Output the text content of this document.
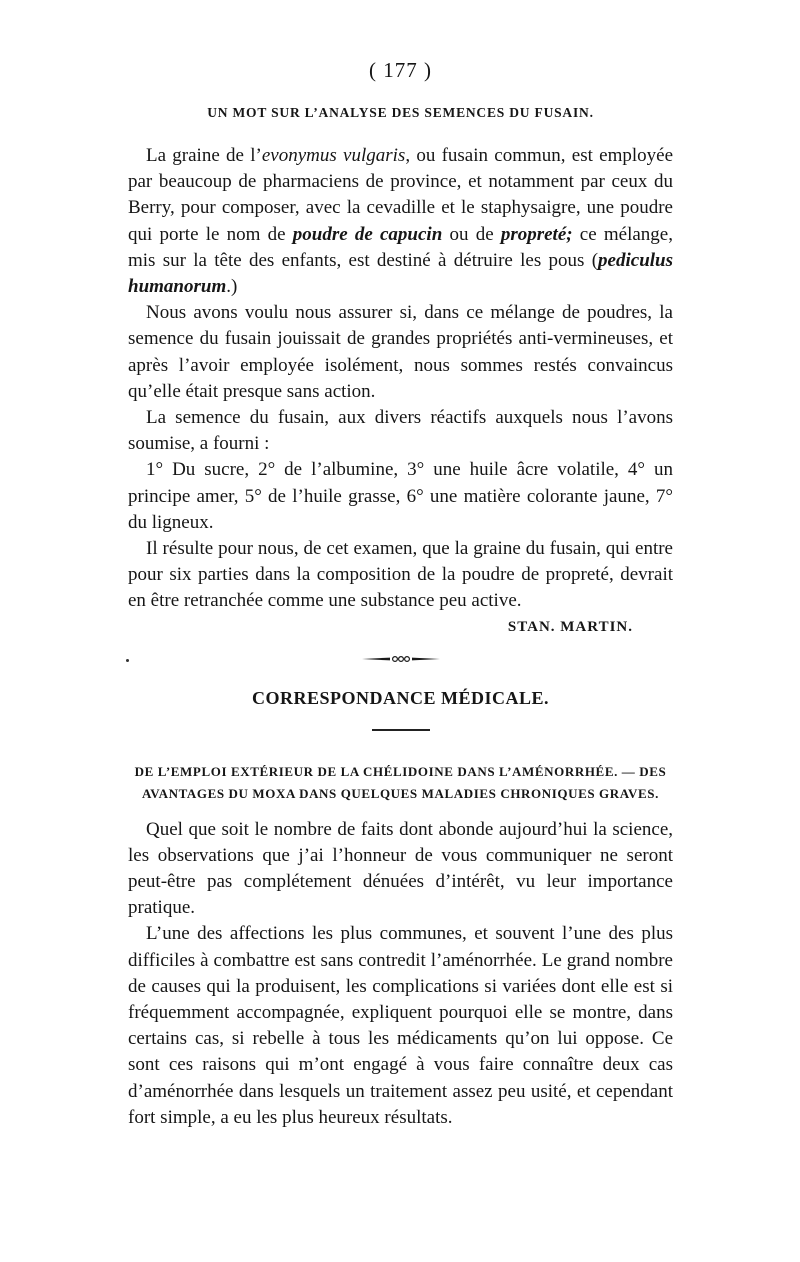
( 177 )
UN MOT SUR L’ANALYSE DES SEMENCES DU FUSAIN.

La graine de l’evonymus vulgaris, ou fusain commun, est employée par beaucoup de pharmaciens de province, et notamment par ceux du Berry, pour composer, avec la cevadille et le staphysaigre, une poudre qui porte le nom de poudre de capucin ou de propreté; ce mélange, mis sur la tête des enfants, est destiné à détruire les pous (pediculus humanorum.)

Nous avons voulu nous assurer si, dans ce mélange de poudres, la semence du fusain jouissait de grandes propriétés anti-vermineuses, et après l’avoir employée isolément, nous sommes restés convaincus qu’elle était presque sans action.

La semence du fusain, aux divers réactifs auxquels nous l’avons soumise, a fourni :

1° Du sucre, 2° de l’albumine, 3° une huile âcre volatile, 4° un principe amer, 5° de l’huile grasse, 6° une matière colorante jaune, 7° du ligneux.

Il résulte pour nous, de cet examen, que la graine du fusain, qui entre pour six parties dans la composition de la poudre de propreté, devrait en être retranchée comme une substance peu active.

STAN. MARTIN.
CORRESPONDANCE MÉDICALE.
DE L’EMPLOI EXTÉRIEUR DE LA CHÉLIDOINE DANS L’AMÉNORRHÉE. — DES AVANTAGES DU MOXA DANS QUELQUES MALADIES CHRONIQUES GRAVES.

Quel que soit le nombre de faits dont abonde aujourd’hui la science, les observations que j’ai l’honneur de vous communiquer ne seront peut-être pas complétement dénuées d’intérêt, vu leur importance pratique.

L’une des affections les plus communes, et souvent l’une des plus difficiles à combattre est sans contredit l’aménorrhée. Le grand nombre de causes qui la produisent, les complications si variées dont elle est si fréquemment accompagnée, expliquent pourquoi elle se montre, dans certains cas, si rebelle à tous les médicaments qu’on lui oppose. Ce sont ces raisons qui m’ont engagé à vous faire connaître deux cas d’aménorrhée dans lesquels un traitement assez peu usité, et cependant fort simple, a eu les plus heureux résultats.
